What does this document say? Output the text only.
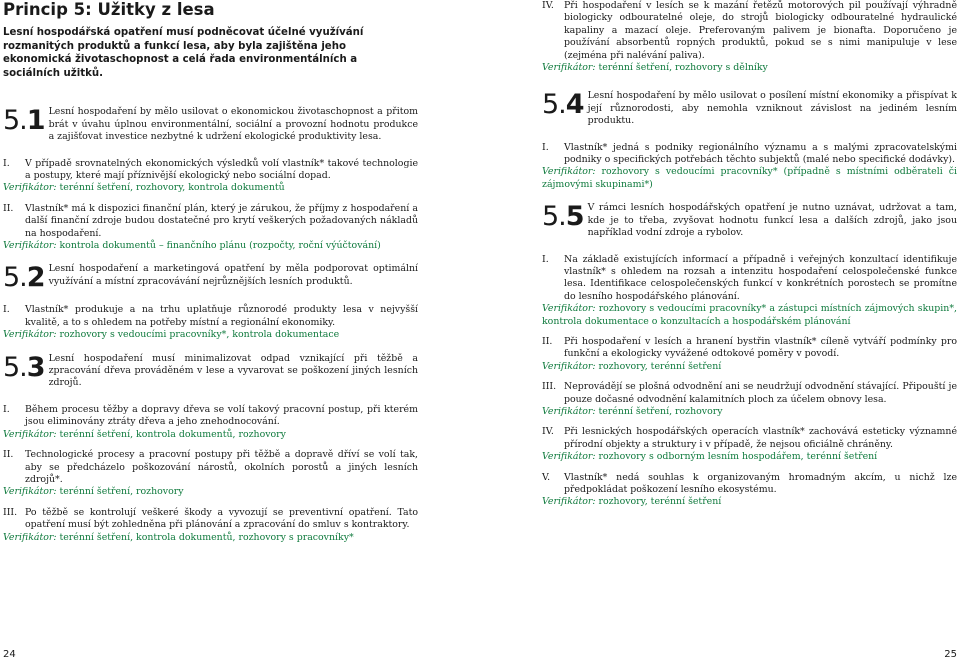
Princip 5: Užitky z lesa

Lesní hospodářská opatření musí podněcovat účelné využívání rozmanitých produktů a funkcí lesa, aby byla zajištěna jeho ekonomická životaschopnost a celá řada environmentálních a sociálních užitků.

5.1 Lesní hospodaření by mělo usilovat o ekonomickou životaschopnost a přitom brát v úvahu úplnou environmentální, sociální a provozní hodnotu produkce a zajišťovat investice nezbytné k udržení ekologické produktivity lesa.

I.	V případě srovnatelných ekonomických výsledků volí vlastník* takové technologie a postupy, které mají příznivější ekologický nebo sociální dopad.

Verifikátor: terénní šetření, rozhovory, kontrola dokumentů

II.	Vlastník* má k dispozici finanční plán, který je zárukou, že příjmy z hospodaření a další finanční zdroje budou dostatečné pro krytí veškerých požadovaných nákladů na hospodaření.

Verifikátor: kontrola dokumentů – finančního plánu (rozpočty, roční výúčtování)

5.2 Lesní hospodaření a marketingová opatření by měla podporovat optimální využívání a místní zpracovávání nejrůznějších lesních produktů.

I.	Vlastník* produkuje a na trhu uplatňuje různorodé produkty lesa v nejvyšší kvalitě, a to s ohledem na potřeby místní a regionální ekonomiky.

Verifikátor: rozhovory s vedoucími pracovníky*, kontrola dokumentace

5.3 Lesní hospodaření musí minimalizovat odpad vznikající při těžbě a zpracování dřeva prováděném v lese a vyvarovat se poškození jiných lesních zdrojů.

I.	Během procesu těžby a dopravy dřeva se volí takový pracovní postup, při kterém jsou eliminovány ztráty dřeva a jeho znehodnocování.

Verifikátor: terénní šetření, kontrola dokumentů, rozhovory

II.	Technologické procesy a pracovní postupy při těžbě a dopravě dříví se volí tak, aby se předcházelo poškozování nárostů, okolních porostů a jiných lesních zdrojů*.

Verifikátor: terénní šetření, rozhovory

III. Po těžbě se kontrolují veškeré škody a vyvozují se preventivní opatření. Tato opatření musí být zohledněna při plánování a zpracování do smluv s kontraktory.

Verifikátor: terénní šetření, kontrola dokumentů, rozhovory s pracovníky*

IV.	Při hospodaření v lesích se k mazání řetězů motorových pil používají výhradně biologicky odbouratelné oleje, do strojů biologicky odbouratelné hydraulické kapaliny a mazací oleje. Preferovaným palivem je bionafta. Doporučeno je používání absorbentů ropných produktů, pokud se s nimi manipuluje v lese (zejména při nalévání paliva).

Verifikátor: terénní šetření, rozhovory s dělníky

5.4 Lesní hospodaření by mělo usilovat o posílení místní ekonomiky a přispívat k její různorodosti, aby nemohla vzniknout závislost na jediném lesním produktu.

I.	Vlastník* jedná s podniky regionálního významu a s malými zpracovatelskými podniky o specifických potřebách těchto subjektů (malé nebo specifické dodávky).

Verifikátor: rozhovory s vedoucími pracovníky* (případně s místními odběrateli či zájmovými skupinami*)

5.5 V rámci lesních hospodářských opatření je nutno uznávat, udržovat a tam, kde je to třeba, zvyšovat hodnotu funkcí lesa a dalších zdrojů, jako jsou například vodní zdroje a rybolov.

I.	Na základě existujících informací a případně i veřejných konzultací identifikuje vlastník* s ohledem na rozsah a intenzitu hospodaření celospolečenské funkce lesa. Identifikace celospolečenských funkcí v konkrétních porostech se promítne do lesního hospodářského plánování.

Verifikátor: rozhovory s vedoucími pracovníky* a zástupci místních zájmových skupin*, kontrola dokumentace o konzultacích a hospodářském plánování

II.	Při hospodaření v lesích a hranení bystřin vlastník* cíleně vytváří podmínky pro funkční a ekologicky vyvážené odtokové poměry v povodí.

Verifikátor: rozhovory, terénní šetření

III. Neprovádějí se plošná odvodnění ani se neudržují odvodnění stávající. Připouští je pouze dočasné odvodnění kalamitních ploch za účelem obnovy lesa.

Verifikátor: terénní šetření, rozhovory

IV.	Při lesnických hospodářských operacích vlastník* zachovává esteticky významné přírodní objekty a struktury i v případě, že nejsou oficiálně chráněny.

Verifikátor: rozhovory s odborným lesním hospodářem, terénní šetření

V.	Vlastník* nedá souhlas k organizovaným hromadným akcím, u nichž lze předpokládat poškození lesního ekosystému.

Verifikátor: rozhovory, terénní šetření

24	25
